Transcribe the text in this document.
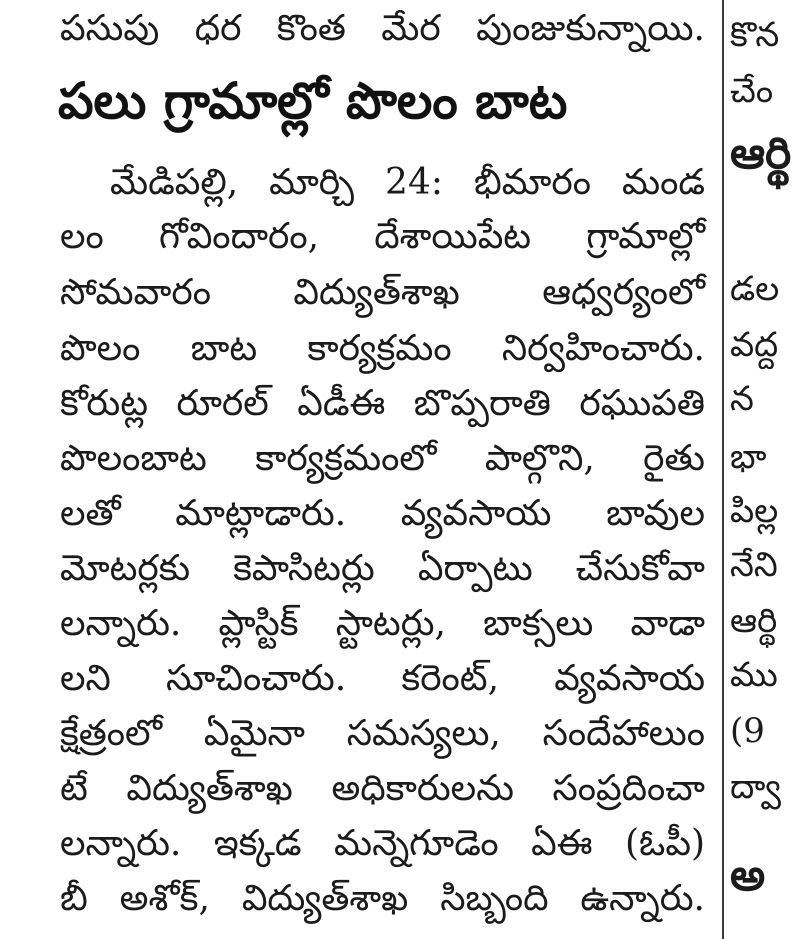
పసుపు ధర కొంత మేర పుంజుకున్నాయి.
పలు గ్రామాల్లో పొలం బాట
మేడిపల్లి, మార్చి 24: భీమారం మండ
లం గోవిందారం, దేశాయిపేట గ్రామాల్లో
సోమవారం విద్యుత్‌శాఖ ఆధ్వర్యంలో
పొలం బాట కార్యక్రమం నిర్వహించారు.
కోరుట్ల రూరల్ ఏడీఈ బొప్పరాతి రఘుపతి
పొలంబాట కార్యక్రమంలో పాల్గొని, రైతు
లతో మాట్లాడారు. వ్యవసాయ బావుల
మోటర్లకు కెపాసిటర్లు ఏర్పాటు చేసుకోవా
లన్నారు. ప్లాస్టిక్ స్టాటర్లు, బాక్సలు వాడా
లని సూచించారు. కరెంట్, వ్యవసాయ
క్షేత్రంలో ఏమైనా సమస్యలు, సందేహాలుం
టే విద్యుత్‌శాఖ అధికారులను సంప్రదించా
లన్నారు. ఇక్కడ మన్నెగూడెం ఏఈ (ఓపీ)
బీ అశోక్, విద్యుత్‌శాఖ సిబ్బంది ఉన్నారు.
కొన
చేం
ఆర్థి
డల
వద్ద
న
భా
పిల్ల
నేని
ఆర్థి
ము
(9
ద్వా
అ
